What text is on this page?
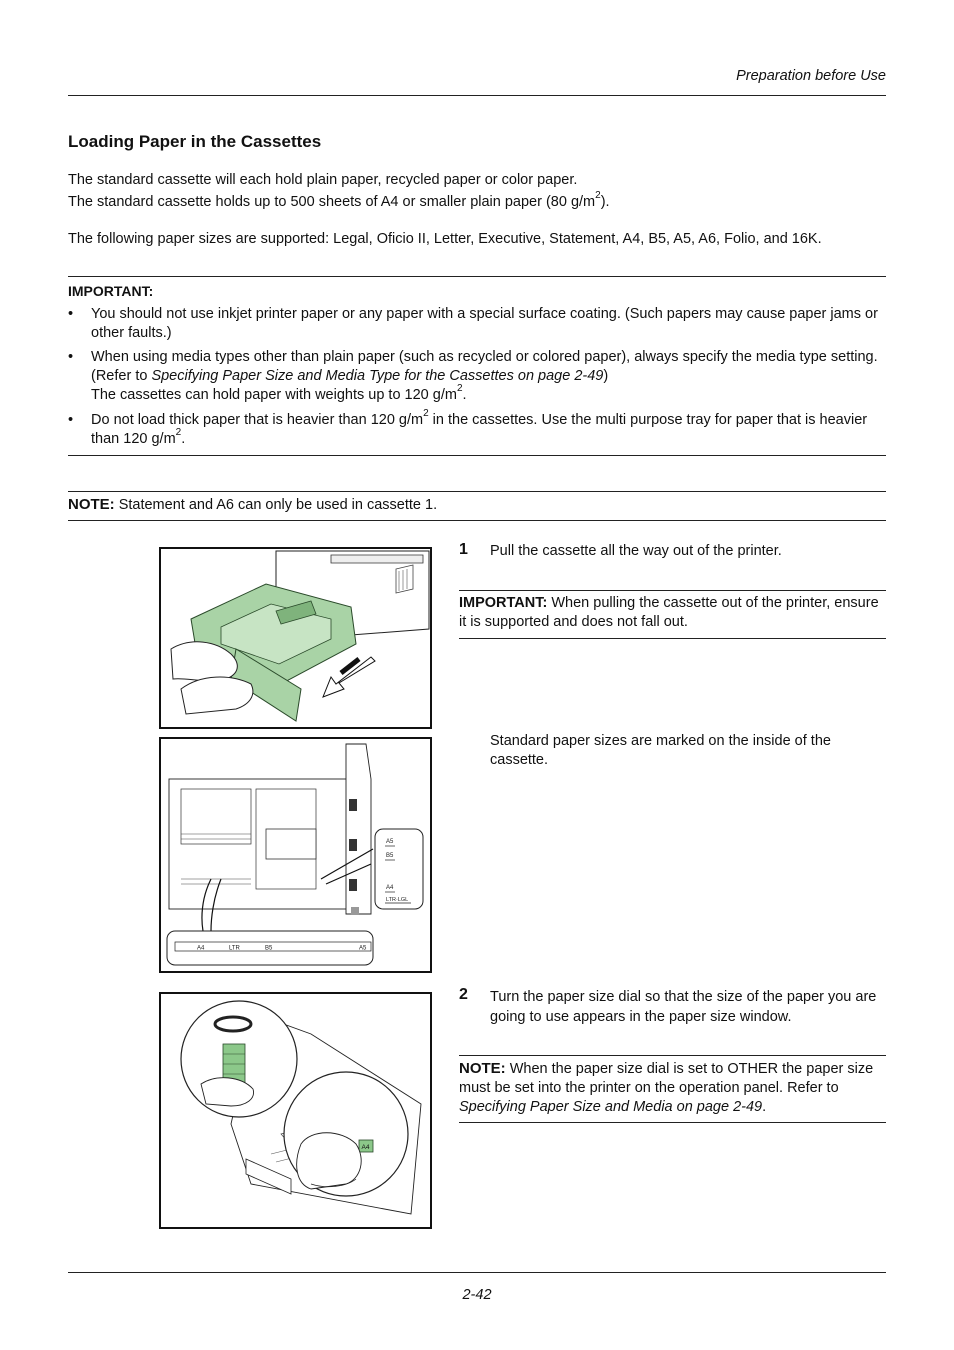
Preparation before Use
Loading Paper in the Cassettes
The standard cassette will each hold plain paper, recycled paper or color paper.
The standard cassette holds up to 500 sheets of A4 or smaller plain paper (80 $g/m^2$).
The following paper sizes are supported: Legal, Oficio II, Letter, Executive, Statement, A4, B5, A5, A6, Folio, and 16K.
IMPORTANT:
• You should not use inkjet printer paper or any paper with a special surface coating. (Such papers may cause paper jams or other faults.)
• When using media types other than plain paper (such as recycled or colored paper), always specify the media type setting. (Refer to Specifying Paper Size and Media Type for the Cassettes on page 2-49)
The cassettes can hold paper with weights up to 120 $g/m^2$.
• Do not load thick paper that is heavier than 120 $g/m^2$ in the cassettes. Use the multi purpose tray for paper that is heavier than 120 $g/m^2$.
NOTE: Statement and A6 can only be used in cassette 1.
1 Pull the cassette all the way out of the printer.
IMPORTANT: When pulling the cassette out of the printer, ensure it is supported and does not fall out.
A5
B5
A4
LTR·LGL
A4	LTR	B5	A5
Standard paper sizes are marked on the inside of the cassette.
A4
2 Turn the paper size dial so that the size of the paper you are going to use appears in the paper size window.
NOTE: When the paper size dial is set to OTHER the paper size must be set into the printer on the operation panel. Refer to Specifying Paper Size and Media on page 2-49.
2-42
